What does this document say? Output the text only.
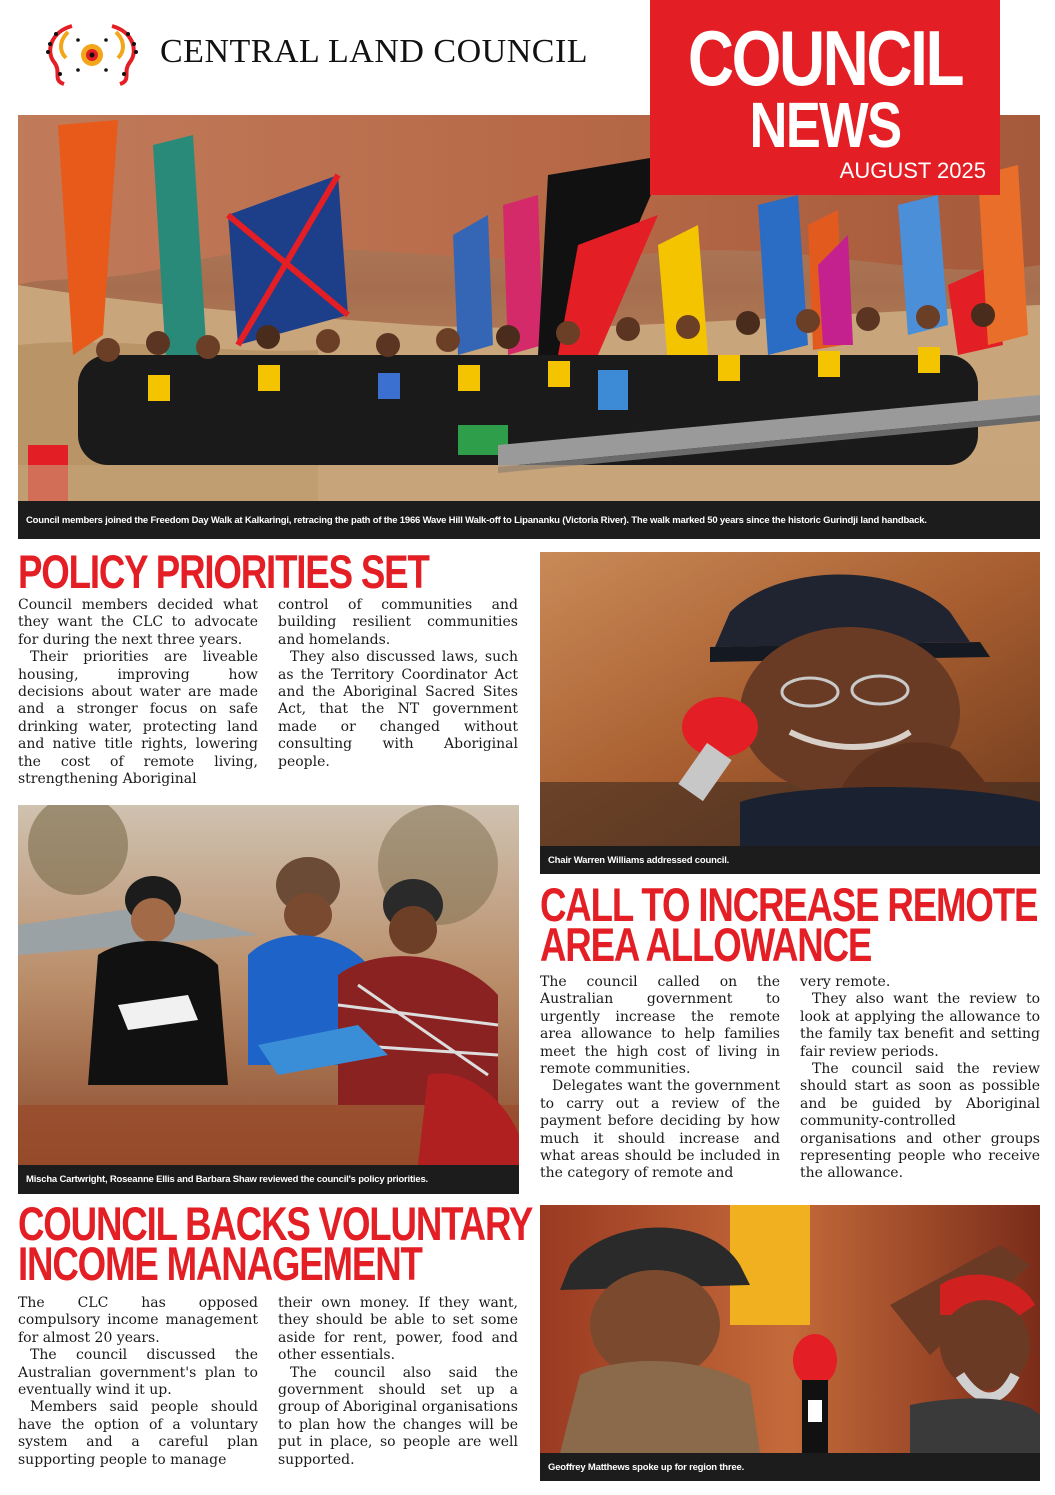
CENTRAL LAND COUNCIL
Council members joined the Freedom Day Walk at Kalkaringi, retracing the path of the 1966 Wave Hill Walk-off to Lipananku (Victoria River). The walk marked 50 years since the historic Gurindji land handback.
COUNCIL
NEWS
AUGUST 2025
POLICY PRIORITIES SET

Council members decided what they want the CLC to advocate for during the next three years.

Their priorities are liveable housing, improving how decisions about water are made and a stronger focus on safe drinking water, protecting land and native title rights, lowering the cost of remote living, strengthening Aboriginal

control of communities and building resilient communities and homelands.

They also discussed laws, such as the Territory Coordinator Act and the Aboriginal Sacred Sites Act, that the NT government made or changed without consulting with Aboriginal people.

Chair Warren Williams addressed council.
Mischa Cartwright, Roseanne Ellis and Barbara Shaw reviewed the council's policy priorities.
CALL TO INCREASE REMOTE
AREA ALLOWANCE

The council called on the Australian government to urgently increase the remote area allowance to help families meet the high cost of living in remote communities.

Delegates want the government to carry out a review of the payment before deciding by how much it should increase and what areas should be included in the category of remote and

very remote.

They also want the review to look at applying the allowance to the family tax benefit and setting fair review periods.

The council said the review should start as soon as possible and be guided by Aboriginal community-controlled organisations and other groups representing people who receive the allowance.

COUNCIL BACKS VOLUNTARY
INCOME MANAGEMENT

The CLC has opposed compulsory income management for almost 20 years.

The council discussed the Australian government's plan to eventually wind it up.

Members said people should have the option of a voluntary system and a careful plan supporting people to manage

their own money. If they want, they should be able to set some aside for rent, power, food and other essentials.

The council also said the government should set up a group of Aboriginal organisations to plan how the changes will be put in place, so people are well supported.	Geoffrey Matthews spoke up for region three.
